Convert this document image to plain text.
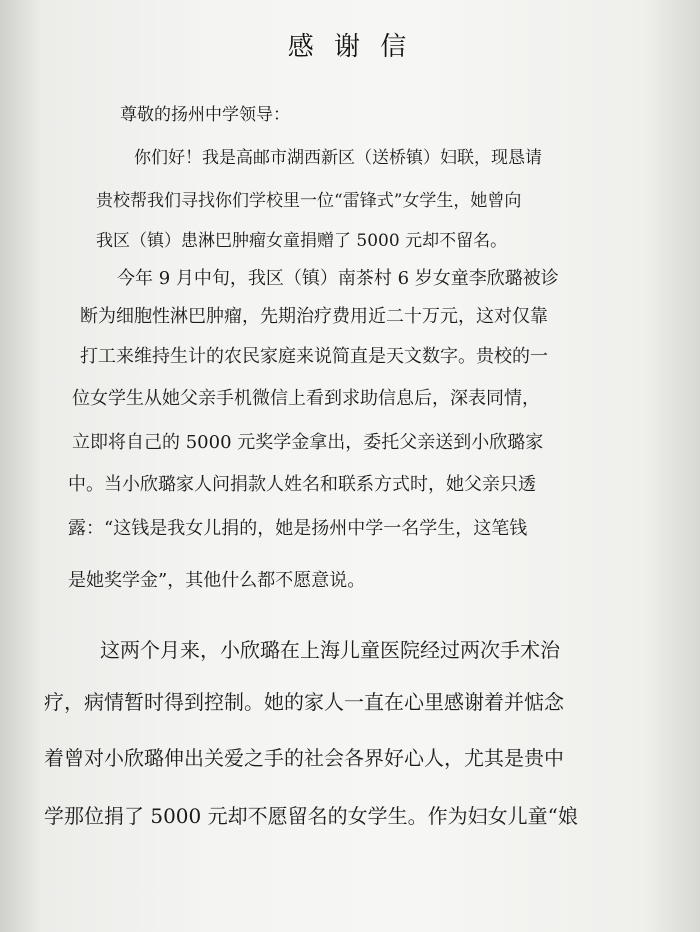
感 谢 信
尊敬的扬州中学领导：
你们好！我是高邮市湖西新区（送桥镇）妇联，现恳请
贵校帮我们寻找你们学校里一位“雷锋式”女学生，她曾向
我区（镇）患淋巴肿瘤女童捐赠了 5000 元却不留名。
今年 9 月中旬，我区（镇）南茶村 6 岁女童李欣璐被诊
断为细胞性淋巴肿瘤，先期治疗费用近二十万元，这对仅靠
打工来维持生计的农民家庭来说简直是天文数字。贵校的一
位女学生从她父亲手机微信上看到求助信息后，深表同情，
立即将自己的 5000 元奖学金拿出，委托父亲送到小欣璐家
中。当小欣璐家人问捐款人姓名和联系方式时，她父亲只透
露：“这钱是我女儿捐的，她是扬州中学一名学生，这笔钱
是她奖学金”，其他什么都不愿意说。
这两个月来，小欣璐在上海儿童医院经过两次手术治
疗，病情暂时得到控制。她的家人一直在心里感谢着并惦念
着曾对小欣璐伸出关爱之手的社会各界好心人，尤其是贵中
学那位捐了 5000 元却不愿留名的女学生。作为妇女儿童“娘
